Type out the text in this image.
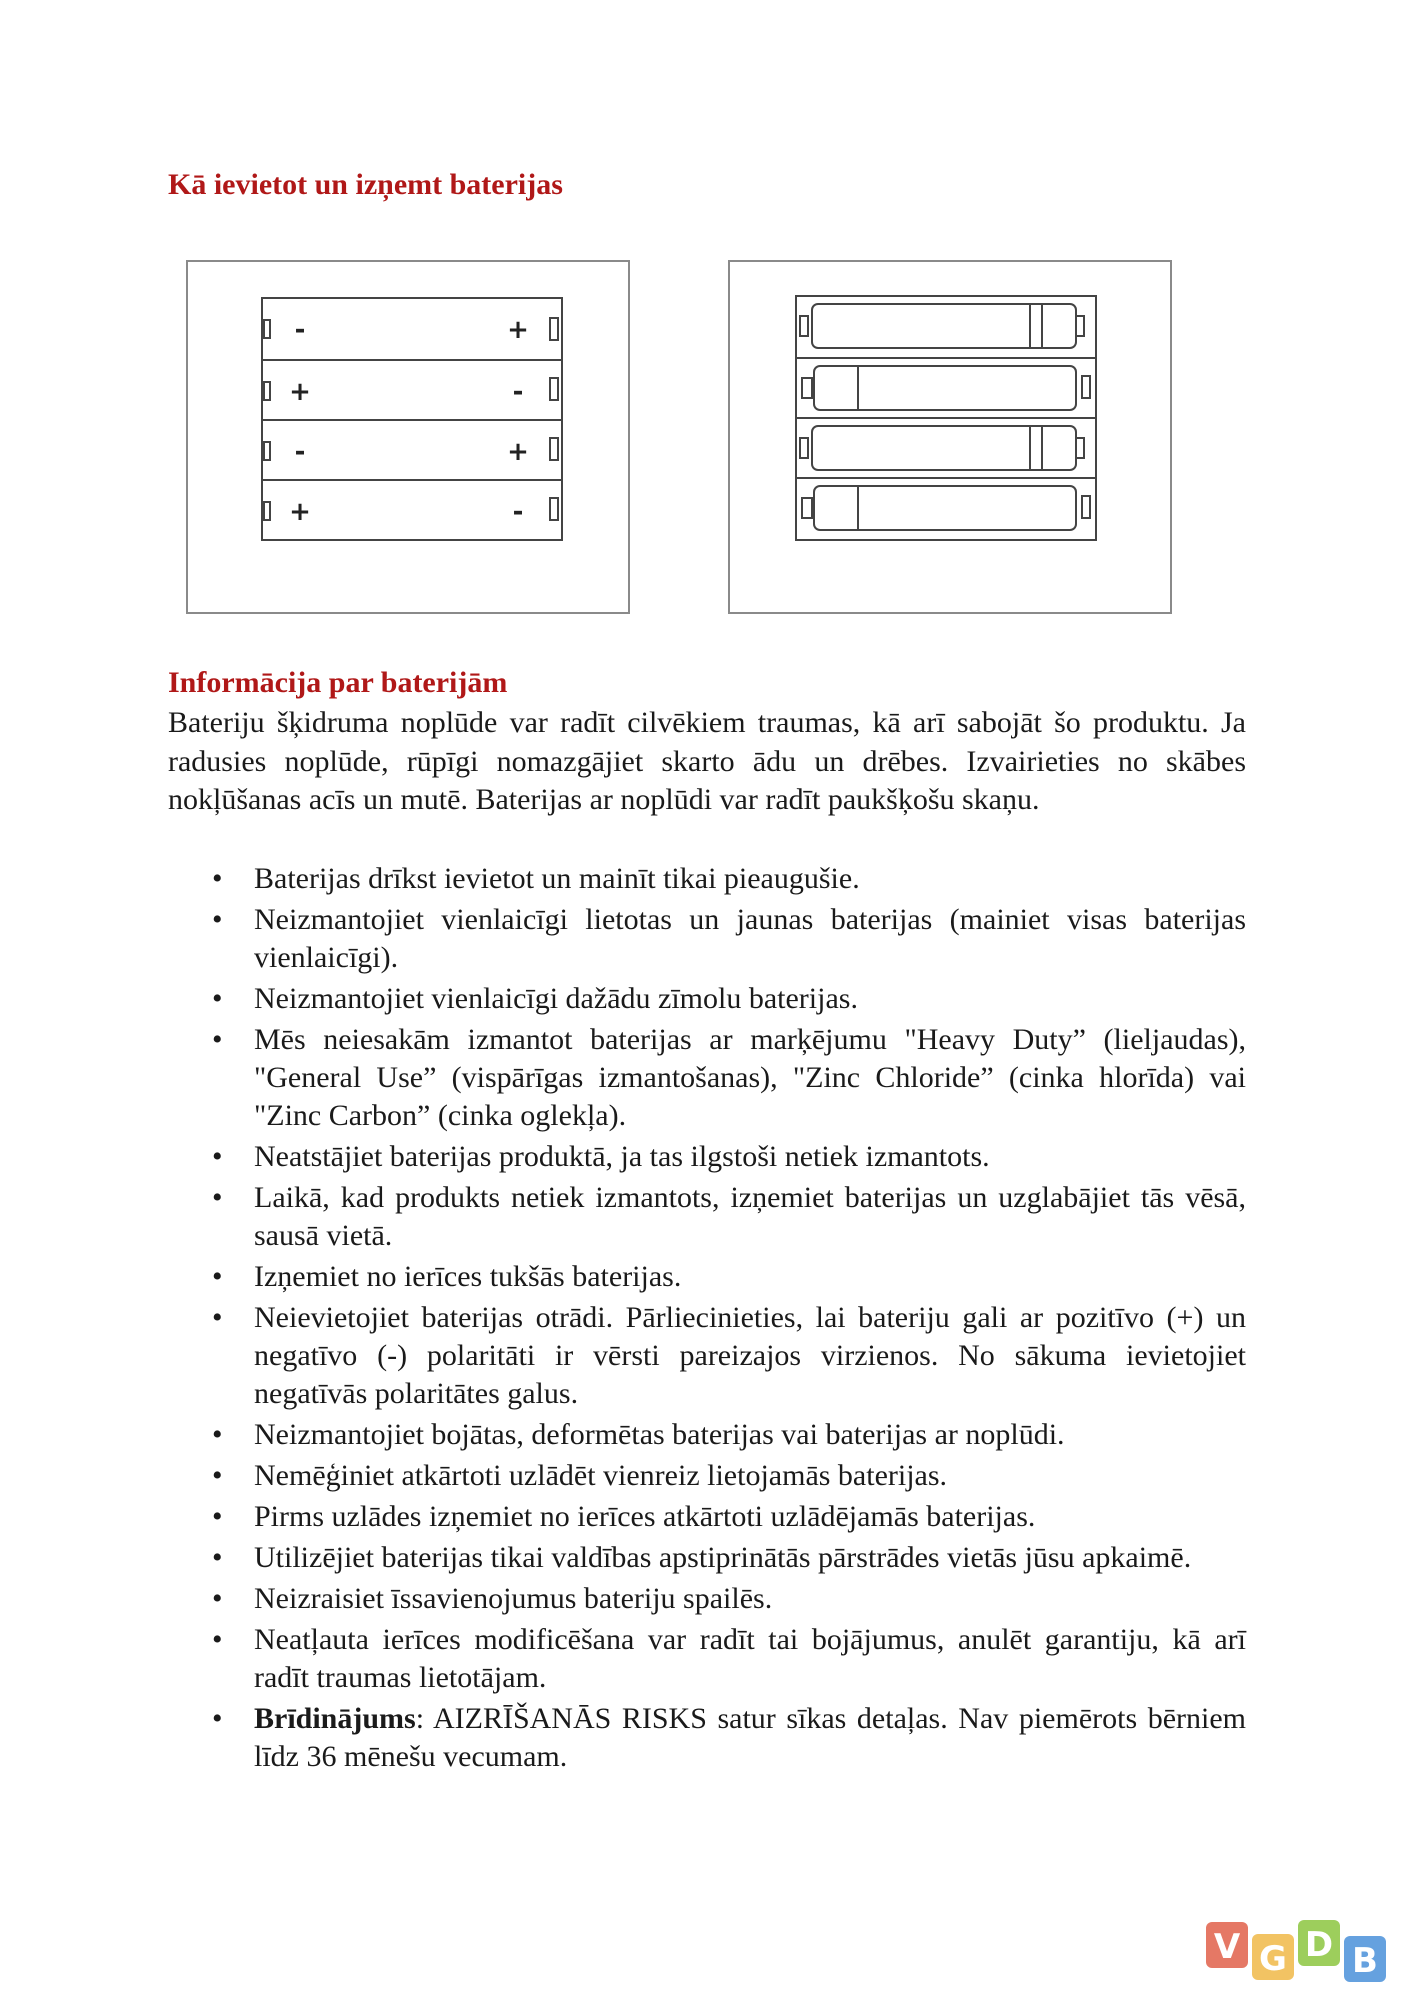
Kā ievietot un izņemt baterijas
-	+
+	-
-	+
+	-
Informācija par baterijām

Bateriju šķidruma noplūde var radīt cilvēkiem traumas, kā arī sabojāt šo produktu. Ja radusies noplūde, rūpīgi nomazgājiet skarto ādu un drēbes. Izvairieties no skābes nokļūšanas acīs un mutē. Baterijas ar noplūdi var radīt paukšķošu skaņu.

• Baterijas drīkst ievietot un mainīt tikai pieaugušie.
• Neizmantojiet vienlaicīgi lietotas un jaunas baterijas (mainiet visas baterijas vienlaicīgi).
• Neizmantojiet vienlaicīgi dažādu zīmolu baterijas.
• Mēs neiesakām izmantot baterijas ar marķējumu "Heavy Duty” (lieljaudas), "General Use” (vispārīgas izmantošanas), "Zinc Chloride” (cinka hlorīda) vai "Zinc Carbon” (cinka oglekļa).
• Neatstājiet baterijas produktā, ja tas ilgstoši netiek izmantots.
• Laikā, kad produkts netiek izmantots, izņemiet baterijas un uzglabājiet tās vēsā, sausā vietā.
• Izņemiet no ierīces tukšās baterijas.
• Neievietojiet baterijas otrādi. Pārliecinieties, lai bateriju gali ar pozitīvo (+) un negatīvo (-) polaritāti ir vērsti pareizajos virzienos. No sākuma ievietojiet negatīvās polaritātes galus.
• Neizmantojiet bojātas, deformētas baterijas vai baterijas ar noplūdi.
• Nemēģiniet atkārtoti uzlādēt vienreiz lietojamās baterijas.
• Pirms uzlādes izņemiet no ierīces atkārtoti uzlādējamās baterijas.
• Utilizējiet baterijas tikai valdības apstiprinātās pārstrādes vietās jūsu apkaimē.
• Neizraisiet īssavienojumus bateriju spailēs.
• Neatļauta ierīces modificēšana var radīt tai bojājumus, anulēt garantiju, kā arī radīt traumas lietotājam.
• Brīdinājums: AIZRĪŠANĀS RISKS satur sīkas detaļas. Nav piemērots bērniem līdz 36 mēnešu vecumam.
V G D B
